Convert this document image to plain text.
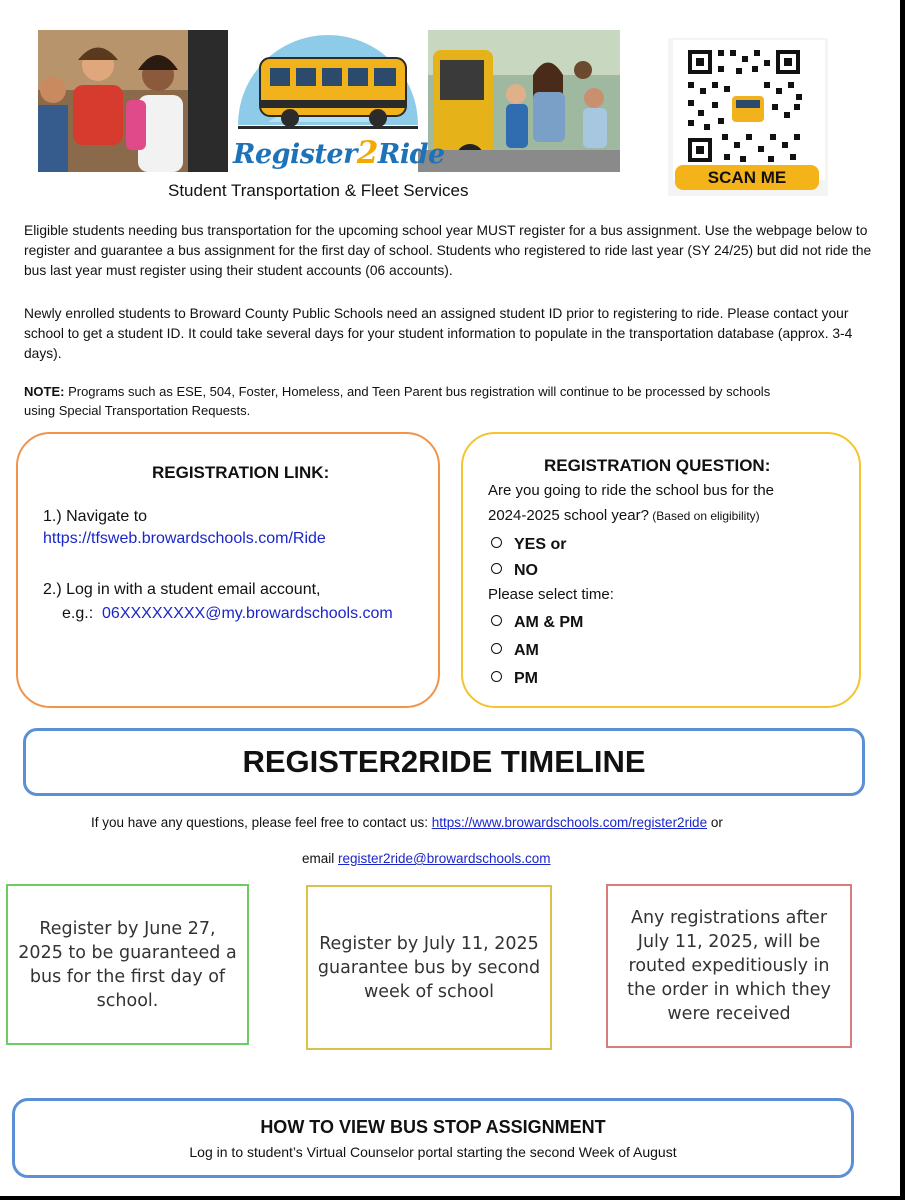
Register2Ride
Student Transportation & Fleet Services
SCAN ME
Eligible students needing bus transportation for the upcoming school year MUST register for a bus assignment. Use the webpage below to register and guarantee a bus assignment for the first day of school. Students who registered to ride last year (SY 24/25) but did not ride the bus last year must register using their student accounts (06 accounts).
Newly enrolled students to Broward County Public Schools need an assigned student ID prior to registering to ride. Please contact your school to get a student ID. It could take several days for your student information to populate in the transportation database (approx. 3-4 days).
NOTE: Programs such as ESE, 504, Foster, Homeless, and Teen Parent bus registration will continue to be processed by schools using Special Transportation Requests.
REGISTRATION LINK:
1.) Navigate to
https://tfsweb.browardschools.com/Ride
2.) Log in with a student email account,
e.g.: 06XXXXXXXX@my.browardschools.com
REGISTRATION QUESTION:
Are you going to ride the school bus for the
2024-2025 school year? (Based on eligibility)
YES or
NO
Please select time:
AM & PM
AM
PM
REGISTER2RIDE TIMELINE
If you have any questions, please feel free to contact us: https://www.browardschools.com/register2ride or
email register2ride@browardschools.com
Register by June 27, 2025 to be guaranteed a bus for the first day of school.
Register by July 11, 2025 guarantee bus by second week of school
Any registrations after July 11, 2025, will be routed expeditiously in the order in which they were received
HOW TO VIEW BUS STOP ASSIGNMENT
Log in to student’s Virtual Counselor portal starting the second Week of August
